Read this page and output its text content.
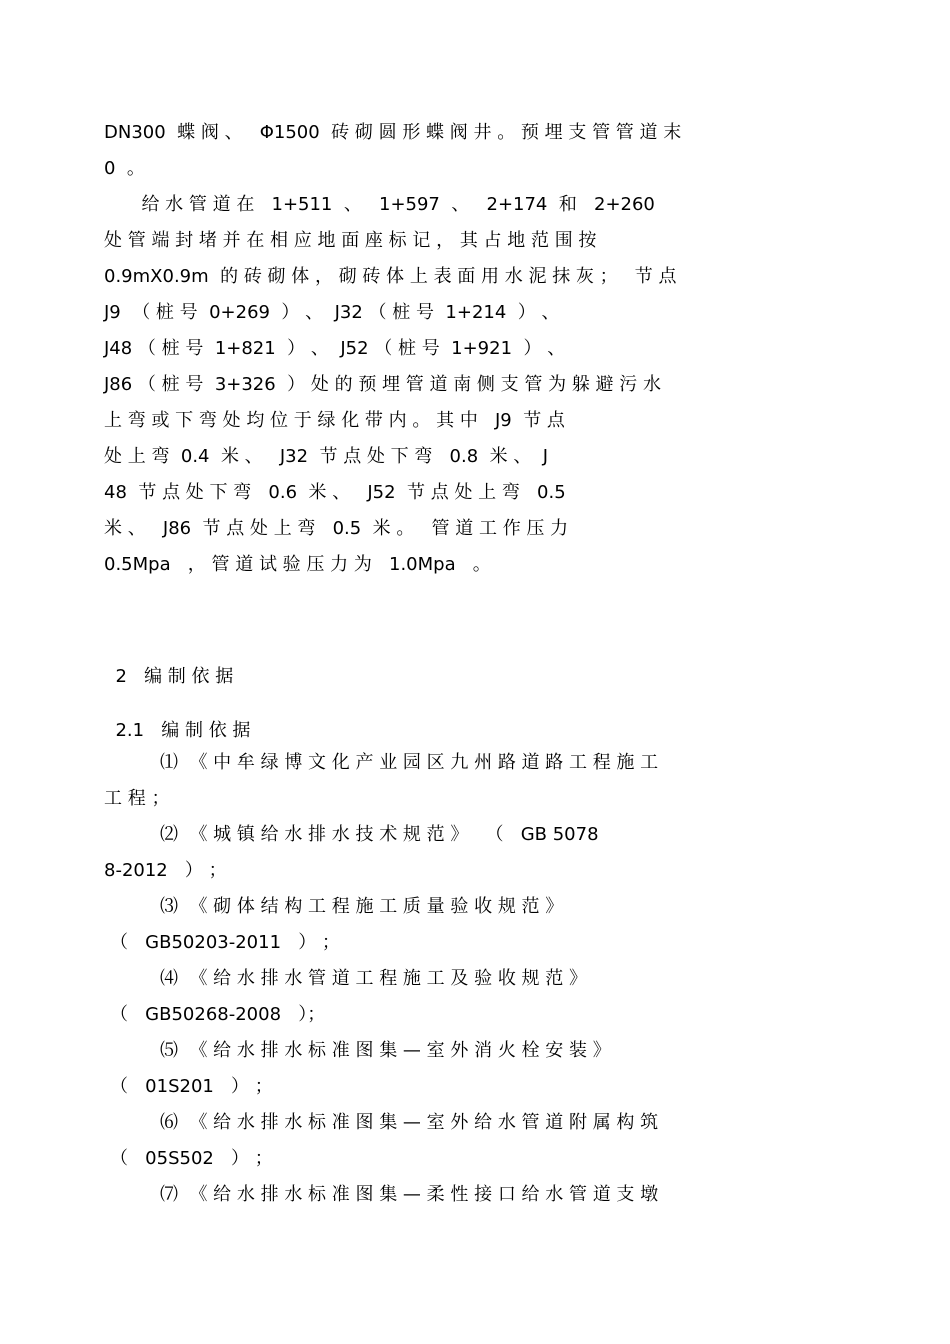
DN300  蝶 阀 、   Φ1500  砖 砌 圆 形 蝶 阀 井 。 预 埋 支 管 管 道 末
0  。
给 水 管 道 在   1+511  、   1+597  、   2+174  和   2+260
处 管 端 封 堵 并 在 相 应 地 面 座 标 记 ， 其 占 地 范 围 按
0.9mX0.9m  的 砖 砌 体 ， 砌 砖 体 上 表 面 用 水 泥 抹 灰 ；   节 点
J9  （ 桩 号  0+269  ） 、  J32 （ 桩 号  1+214  ） 、
J48 （ 桩 号  1+821  ） 、  J52 （ 桩 号  1+921  ） 、
J86 （ 桩 号  3+326  ） 处 的 预 埋 管 道 南 侧 支 管 为 躲 避 污 水
上 弯 或 下 弯 处 均 位 于 绿 化 带 内 。 其 中   J9  节 点
处 上 弯  0.4  米 、   J32  节 点 处 下 弯   0.8  米 、  J
48  节 点 处 下 弯   0.6  米 、   J52  节 点 处 上 弯   0.5
米 、   J86  节 点 处 上 弯   0.5  米 。   管 道 工 作 压 力
0.5Mpa   ， 管 道 试 验 压 力 为   1.0Mpa   。

2 编 制 依 据

2.1 编 制 依 据

⑴  《 中 牟 绿 博 文 化 产 业 园 区 九 州 路 道 路 工 程 施 工
工 程 ；
⑵  《 城 镇 给 水 排 水 技 术 规 范 》   （   GB 5078
8-2012   ） ；
⑶  《 砌 体 结 构 工 程 施 工 质 量 验 收 规 范 》
（   GB50203-2011   ） ；
⑷  《 给 水 排 水 管 道 工 程 施 工 及 验 收 规 范 》
（   GB50268-2008   ）；
⑸  《 给 水 排 水 标 准 图 集 — 室 外 消 火 栓 安 装 》
（   01S201   ） ；
⑹  《 给 水 排 水 标 准 图 集 — 室 外 给 水 管 道 附 属 构 筑
（   05S502   ） ；
⑺  《 给 水 排 水 标 准 图 集 — 柔 性 接 口 给 水 管 道 支 墩
